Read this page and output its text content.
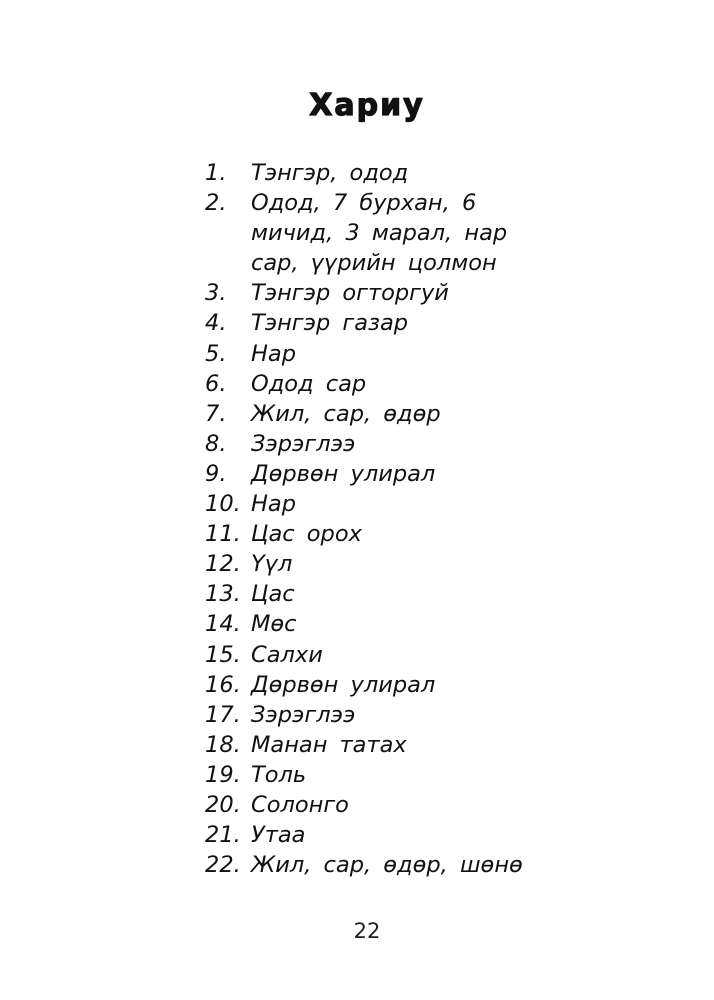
Хариу
1.	Тэнгэр, одод
2.	Одод, 7 бурхан, 6
мичид, 3 марал, нар
сар, үүрийн цолмон
3.	Тэнгэр огторгуй
4.	Тэнгэр газар
5.	Нар
6.	Одод сар
7.	Жил, сар, өдөр
8.	Зэрэглээ
9.	Дөрвөн улирал
10. Нар
11. Цас орох
12. Үүл
13. Цас
14. Мөс
15. Салхи
16. Дөрвөн улирал
17. Зэрэглээ
18. Манан татах
19. Толь
20. Солонго
21. Утаа
22. Жил, сар, өдөр, шөнө
22
